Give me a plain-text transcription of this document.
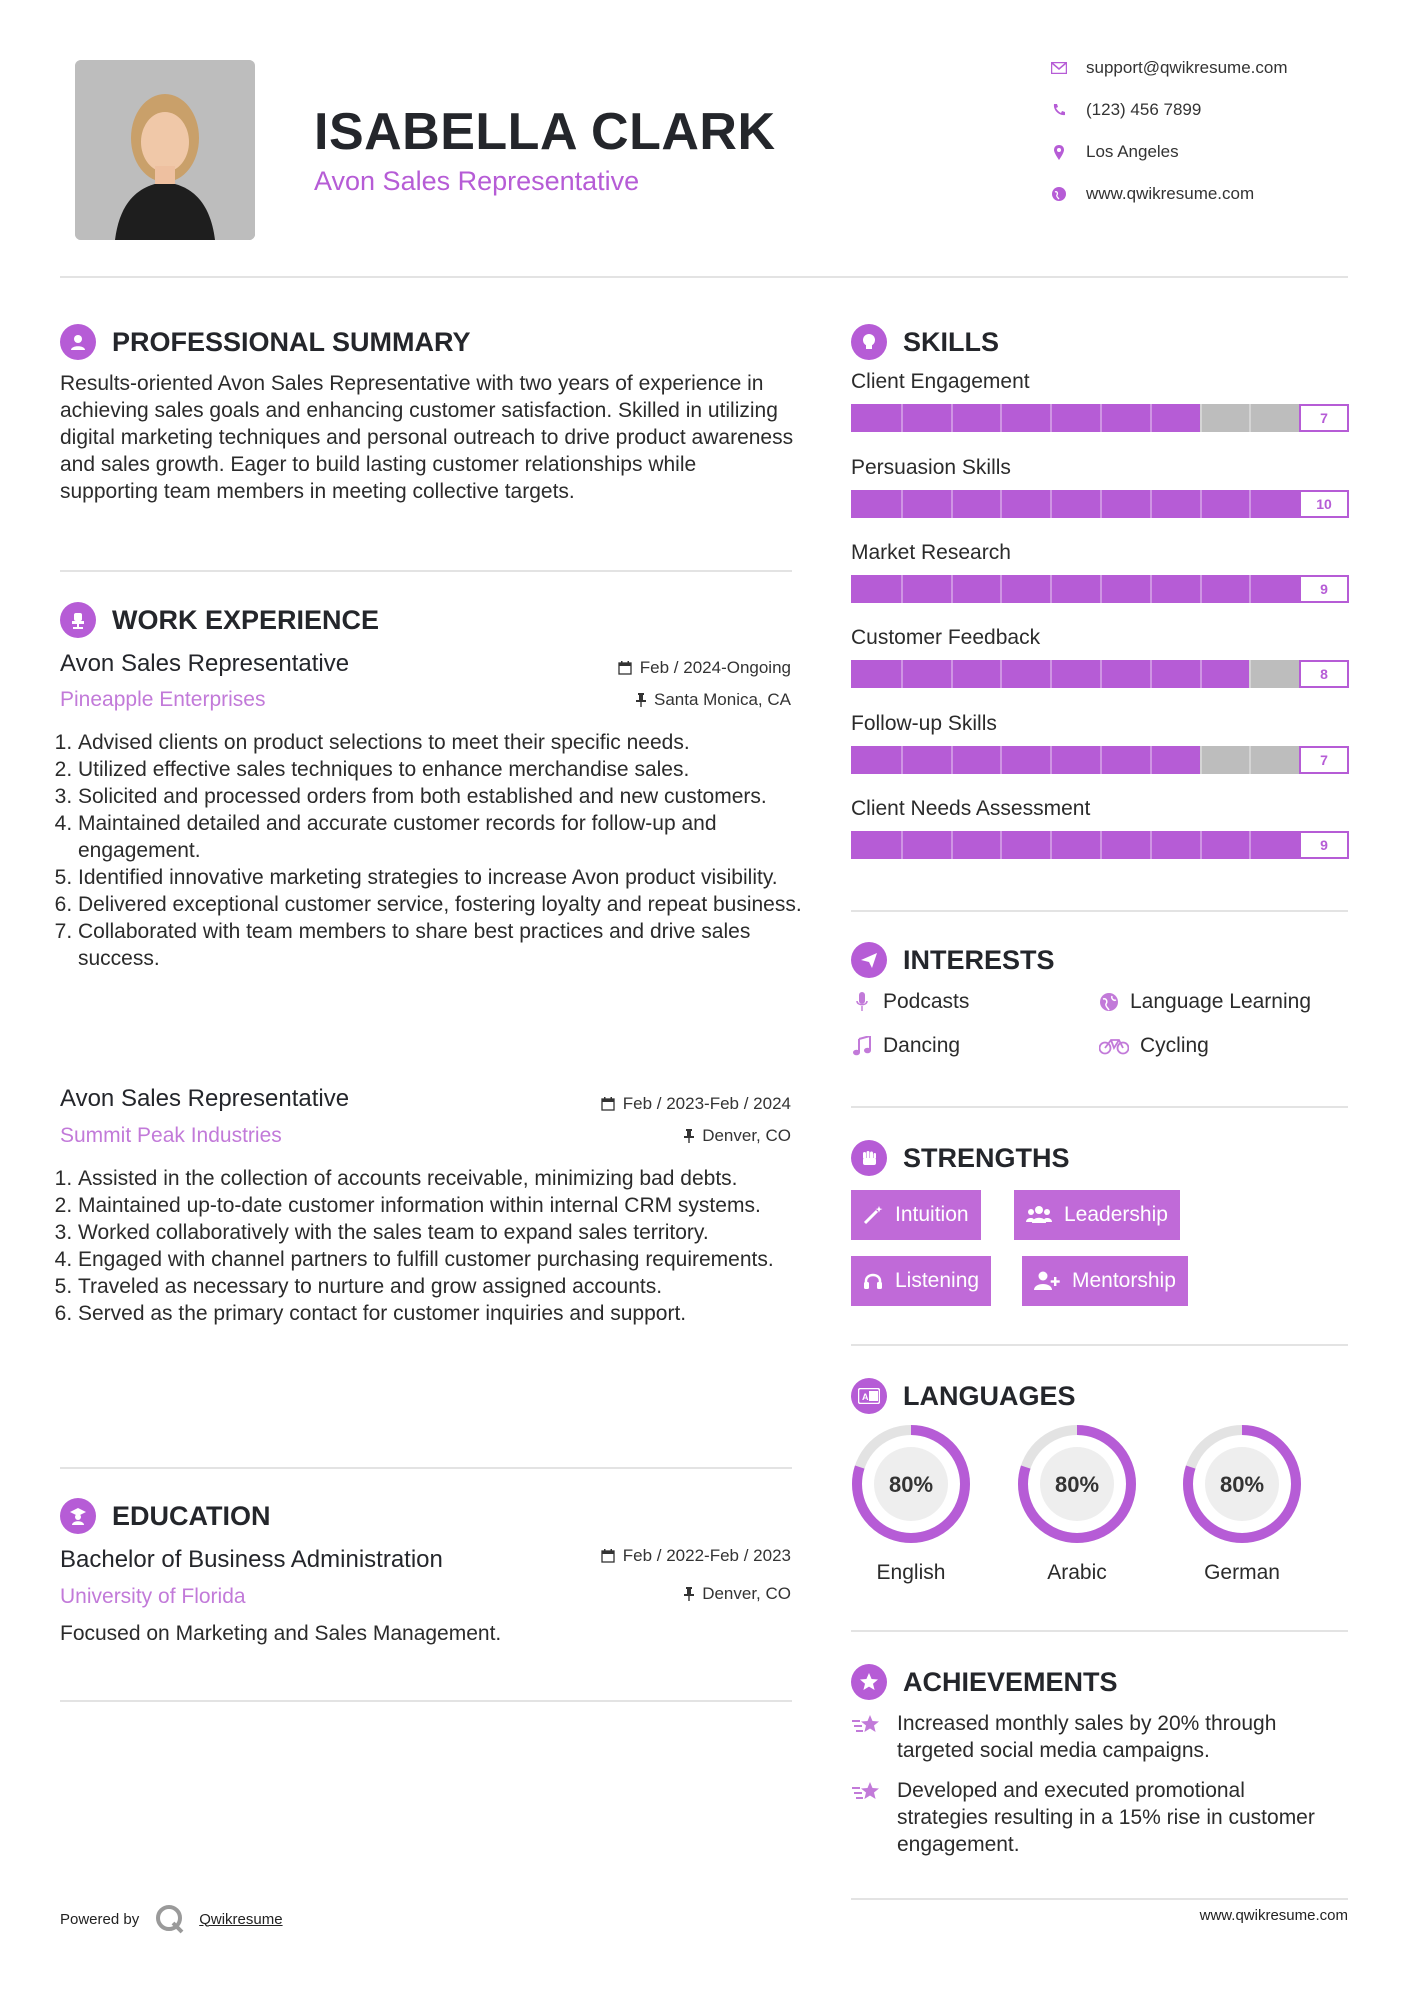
ISABELLA CLARK
Avon Sales Representative
support@qwikresume.com
(123) 456 7899
Los Angeles
www.qwikresume.com
PROFESSIONAL SUMMARY
Results-oriented Avon Sales Representative with two years of experience in achieving sales goals and enhancing customer satisfaction. Skilled in utilizing digital marketing techniques and personal outreach to drive product awareness and sales growth. Eager to build lasting customer relationships while supporting team members in meeting collective targets.
WORK EXPERIENCE
Avon Sales Representative
Pineapple Enterprises
Feb / 2024-Ongoing
Santa Monica, CA
1. Advised clients on product selections to meet their specific needs.
2. Utilized effective sales techniques to enhance merchandise sales.
3. Solicited and processed orders from both established and new customers.
4. Maintained detailed and accurate customer records for follow-up and engagement.
5. Identified innovative marketing strategies to increase Avon product visibility.
6. Delivered exceptional customer service, fostering loyalty and repeat business.
7. Collaborated with team members to share best practices and drive sales success.
Avon Sales Representative
Summit Peak Industries
Feb / 2023-Feb / 2024
Denver, CO
1. Assisted in the collection of accounts receivable, minimizing bad debts.
2. Maintained up-to-date customer information within internal CRM systems.
3. Worked collaboratively with the sales team to expand sales territory.
4. Engaged with channel partners to fulfill customer purchasing requirements.
5. Traveled as necessary to nurture and grow assigned accounts.
6. Served as the primary contact for customer inquiries and support.
EDUCATION
Bachelor of Business Administration
University of Florida
Feb / 2022-Feb / 2023
Denver, CO
Focused on Marketing and Sales Management.
SKILLS
Client Engagement
7
Persuasion Skills
10
Market Research
9
Customer Feedback
8
Follow-up Skills
7
Client Needs Assessment
9
INTERESTS
Podcasts	Language Learning
Dancing	Cycling
STRENGTHS
Intuition	Leadership
Listening	Mentorship
A LANGUAGES
80%
English
80%
Arabic
80%
German
ACHIEVEMENTS
Increased monthly sales by 20% through targeted social media campaigns.
Developed and executed promotional strategies resulting in a 15% rise in customer engagement.
Powered by	Qwikresume	www.qwikresume.com
